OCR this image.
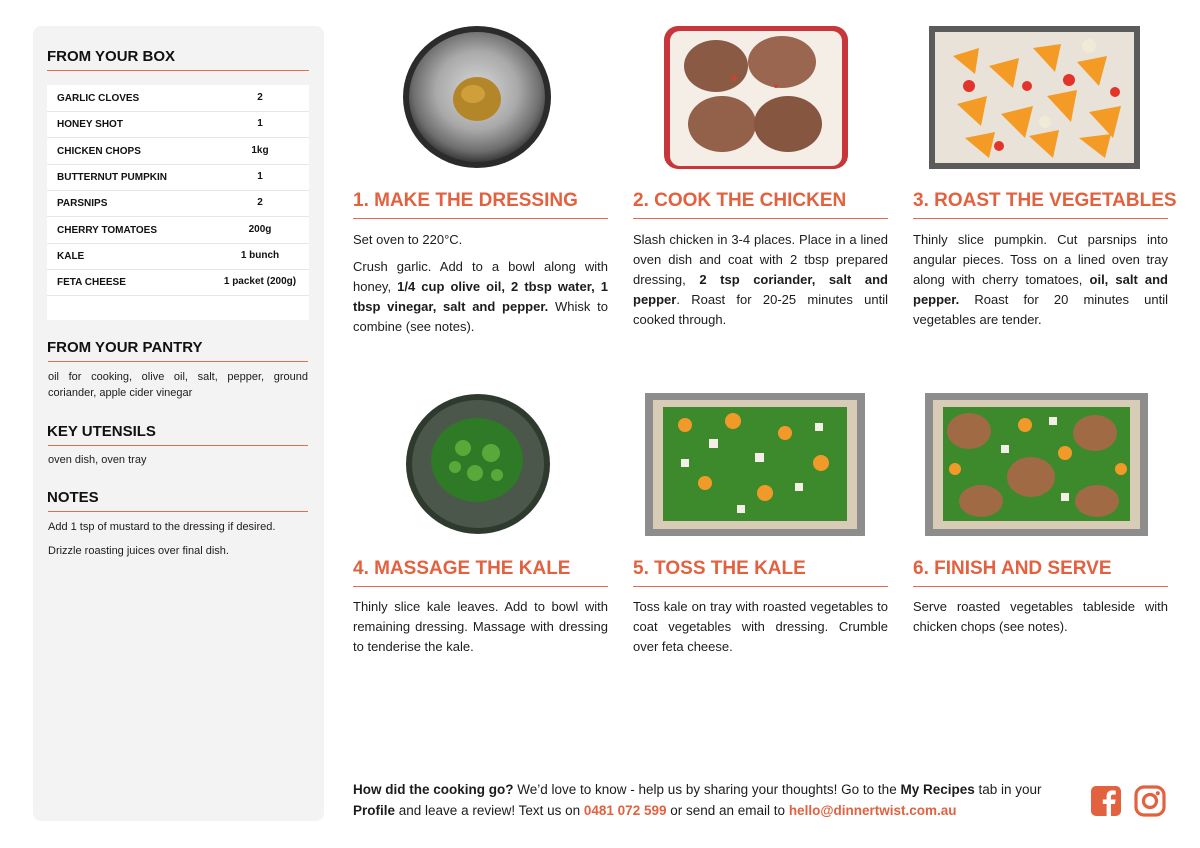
FROM YOUR BOX
GARLIC CLOVES	2
HONEY SHOT	1
CHICKEN CHOPS	1kg
BUTTERNUT PUMPKIN	1
PARSNIPS	2
CHERRY TOMATOES	200g
KALE	1 bunch
FETA CHEESE	1 packet (200g)
FROM YOUR PANTRY
oil for cooking, olive oil, salt, pepper, ground coriander, apple cider vinegar
KEY UTENSILS
oven dish, oven tray
NOTES
Add 1 tsp of mustard to the dressing if desired.
Drizzle roasting juices over final dish.
1. MAKE THE DRESSING

Set oven to 220°C.

Crush garlic. Add to a bowl along with honey, 1/4 cup olive oil, 2 tbsp water, 1 tbsp vinegar, salt and pepper. Whisk to combine (see notes).

2. COOK THE CHICKEN

Slash chicken in 3-4 places. Place in a lined oven dish and coat with 2 tbsp prepared dressing, 2 tsp coriander, salt and pepper. Roast for 20-25 minutes until cooked through.

3. ROAST THE VEGETABLES

Thinly slice pumpkin. Cut parsnips into angular pieces. Toss on a lined oven tray along with cherry tomatoes, oil, salt and pepper. Roast for 20 minutes until vegetables are tender.

4. MASSAGE THE KALE

Thinly slice kale leaves. Add to bowl with remaining dressing. Massage with dressing to tenderise the kale.

5. TOSS THE KALE

Toss kale on tray with roasted vegetables to coat vegetables with dressing. Crumble over feta cheese.

6. FINISH AND SERVE

Serve roasted vegetables tableside with chicken chops (see notes).

How did the cooking go? We’d love to know - help us by sharing your thoughts! Go to the My Recipes tab in your Profile and leave a review! Text us on 0481 072 599 or send an email to hello@dinnertwist.com.au
